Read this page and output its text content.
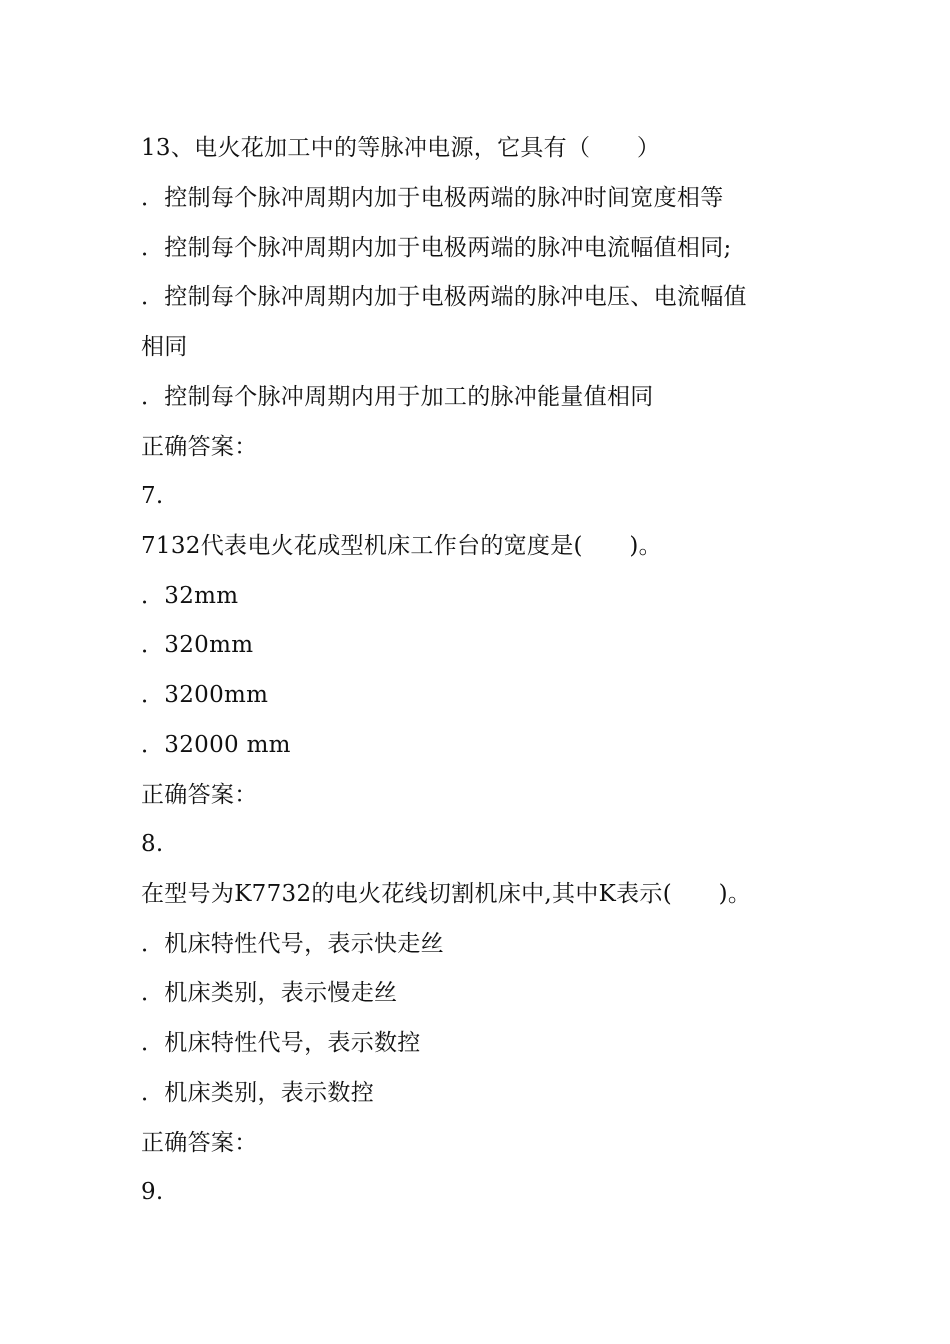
13、电火花加工中的等脉冲电源，它具有（　　）
．控制每个脉冲周期内加于电极两端的脉冲时间宽度相等
．控制每个脉冲周期内加于电极两端的脉冲电流幅值相同;
．控制每个脉冲周期内加于电极两端的脉冲电压、电流幅值
相同
．控制每个脉冲周期内用于加工的脉冲能量值相同
正确答案：
7.
7132代表电火花成型机床工作台的宽度是(　　)。
．32mm
．320mm
．3200mm
．32000 mm
正确答案：
8.
在型号为K7732的电火花线切割机床中,其中K表示(　　)。
．机床特性代号，表示快走丝
．机床类别，表示慢走丝
．机床特性代号，表示数控
．机床类别，表示数控
正确答案：
9.
